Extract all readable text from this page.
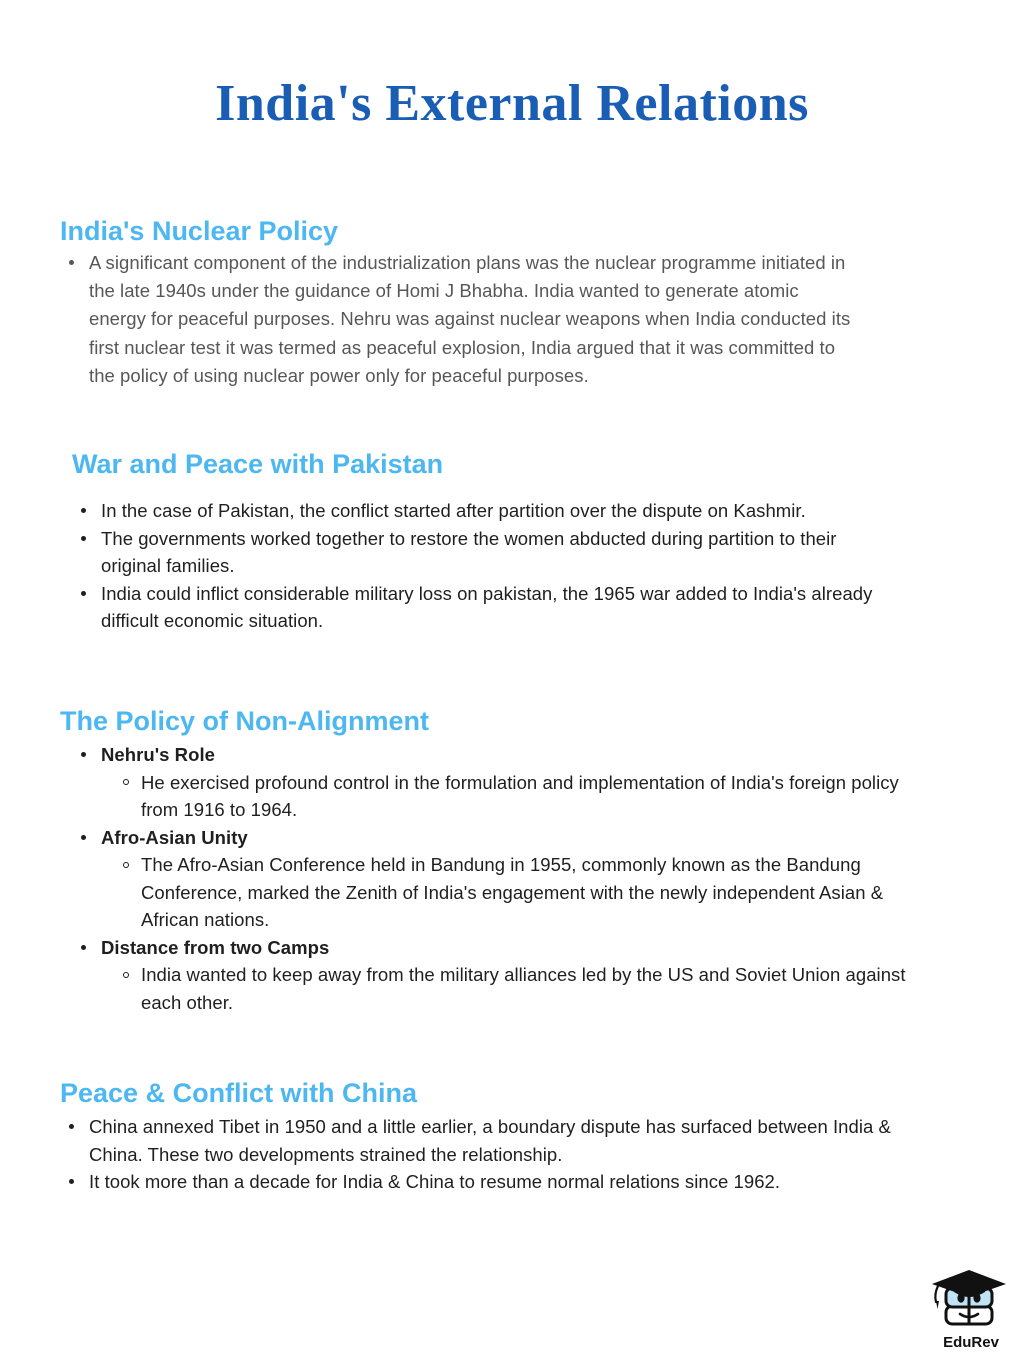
India's External Relations
India's Nuclear Policy
A significant component of the industrialization plans was the nuclear programme initiated in the late 1940s under the guidance of Homi J Bhabha. India wanted to generate atomic energy for peaceful purposes. Nehru was against nuclear weapons when India conducted its first nuclear test it was termed as peaceful explosion, India argued that it was committed to the policy of using nuclear power only for peaceful purposes.
War and Peace with Pakistan
In the case of Pakistan, the conflict started after partition over the dispute on Kashmir.
The governments worked together to restore the women abducted during partition to their original families.
India could inflict considerable military loss on pakistan, the 1965 war added to India's already difficult economic situation.
The Policy of Non-Alignment
Nehru's Role
He exercised profound control in the formulation and implementation of India's foreign policy from 1916 to 1964.
Afro-Asian Unity
The Afro-Asian Conference held in Bandung in 1955, commonly known as the Bandung Conference, marked the Zenith of India's engagement with the newly independent Asian & African nations.
Distance from two Camps
India wanted to keep away from the military alliances led by the US and Soviet Union against each other.
Peace & Conflict with China
China annexed Tibet in 1950 and a little earlier, a boundary dispute has surfaced between India & China. These two developments strained the relationship.
It took more than a decade for India & China to resume normal relations since 1962.
EduRev
